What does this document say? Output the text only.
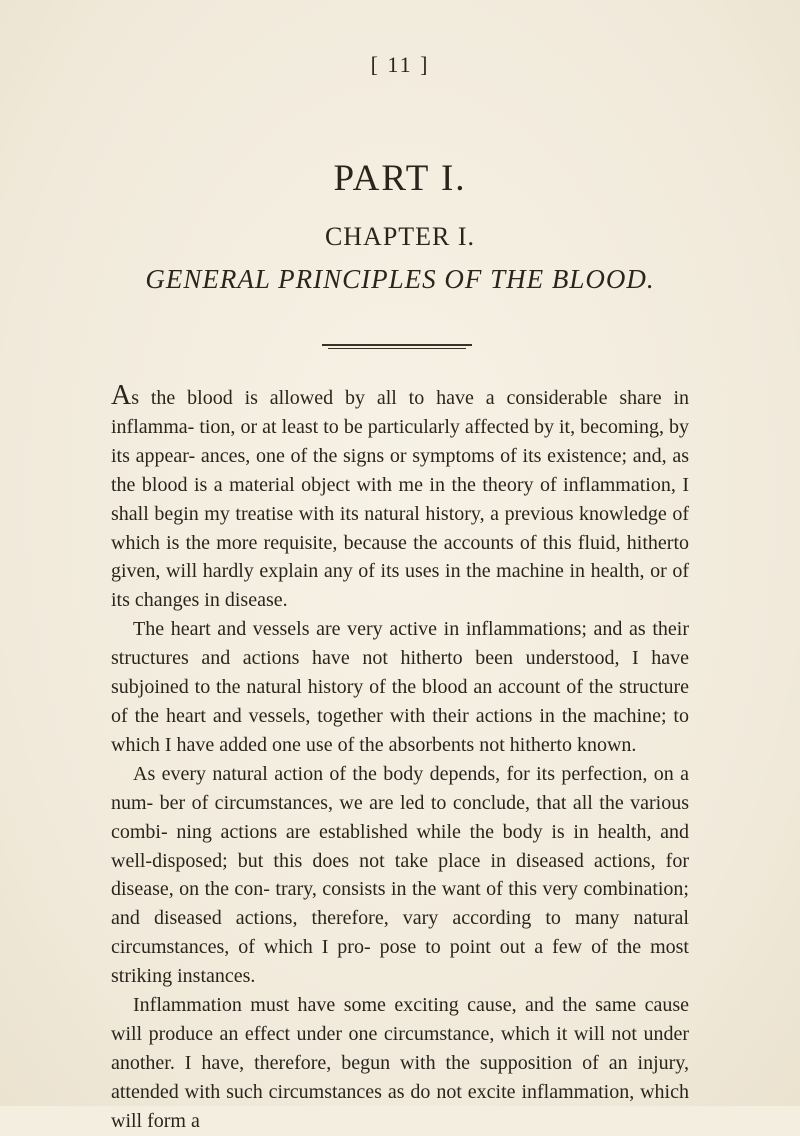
[ 11 ]
PART I.
CHAPTER I.
GENERAL PRINCIPLES OF THE BLOOD.

As the blood is allowed by all to have a considerable share in inflamma- tion, or at least to be particularly affected by it, becoming, by its appear- ances, one of the signs or symptoms of its existence; and, as the blood is a material object with me in the theory of inflammation, I shall begin my treatise with its natural history, a previous knowledge of which is the more requisite, because the accounts of this fluid, hitherto given, will hardly explain any of its uses in the machine in health, or of its changes in disease.

The heart and vessels are very active in inflammations; and as their structures and actions have not hitherto been understood, I have subjoined to the natural history of the blood an account of the structure of the heart and vessels, together with their actions in the machine; to which I have added one use of the absorbents not hitherto known.

As every natural action of the body depends, for its perfection, on a num- ber of circumstances, we are led to conclude, that all the various combi- ning actions are established while the body is in health, and well-disposed; but this does not take place in diseased actions, for disease, on the con- trary, consists in the want of this very combination; and diseased actions, therefore, vary according to many natural circumstances, of which I pro- pose to point out a few of the most striking instances.

Inflammation must have some exciting cause, and the same cause will produce an effect under one circumstance, which it will not under another. I have, therefore, begun with the supposition of an injury, attended with such circumstances as do not excite inflammation, which will form a
